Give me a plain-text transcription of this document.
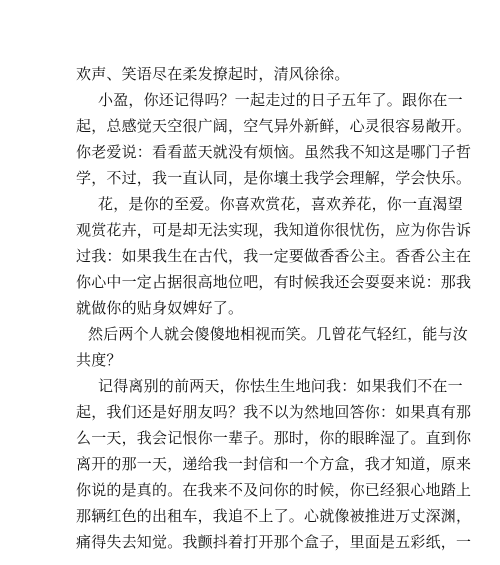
欢声、笑语尽在柔发撩起时，清风徐徐。
小盈，你还记得吗？一起走过的日子五年了。跟你在一
起，总感觉天空很广阔，空气异外新鲜，心灵很容易敞开。
你老爱说：看看蓝天就没有烦恼。虽然我不知这是哪门子哲
学，不过，我一直认同，是你壤土我学会理解，学会快乐。
花，是你的至爱。你喜欢赏花，喜欢养花，你一直渴望
观赏花卉，可是却无法实现，我知道你很忧伤，应为你告诉
过我：如果我生在古代，我一定要做香香公主。香香公主在
你心中一定占据很高地位吧，有时候我还会耍耍来说：那我
就做你的贴身奴婢好了。
然后两个人就会傻傻地相视而笑。几曾花气轻红，能与汝
共度？
记得离别的前两天，你怯生生地问我：如果我们不在一
起，我们还是好朋友吗？我不以为然地回答你：如果真有那
么一天，我会记恨你一辈子。那时，你的眼眸湿了。直到你
离开的那一天，递给我一封信和一个方盒，我才知道，原来
你说的是真的。在我来不及问你的时候，你已经狠心地踏上
那辆红色的出租车，我追不上了。心就像被推进万丈深渊，
痛得失去知觉。我颤抖着打开那个盒子，里面是五彩纸，一
